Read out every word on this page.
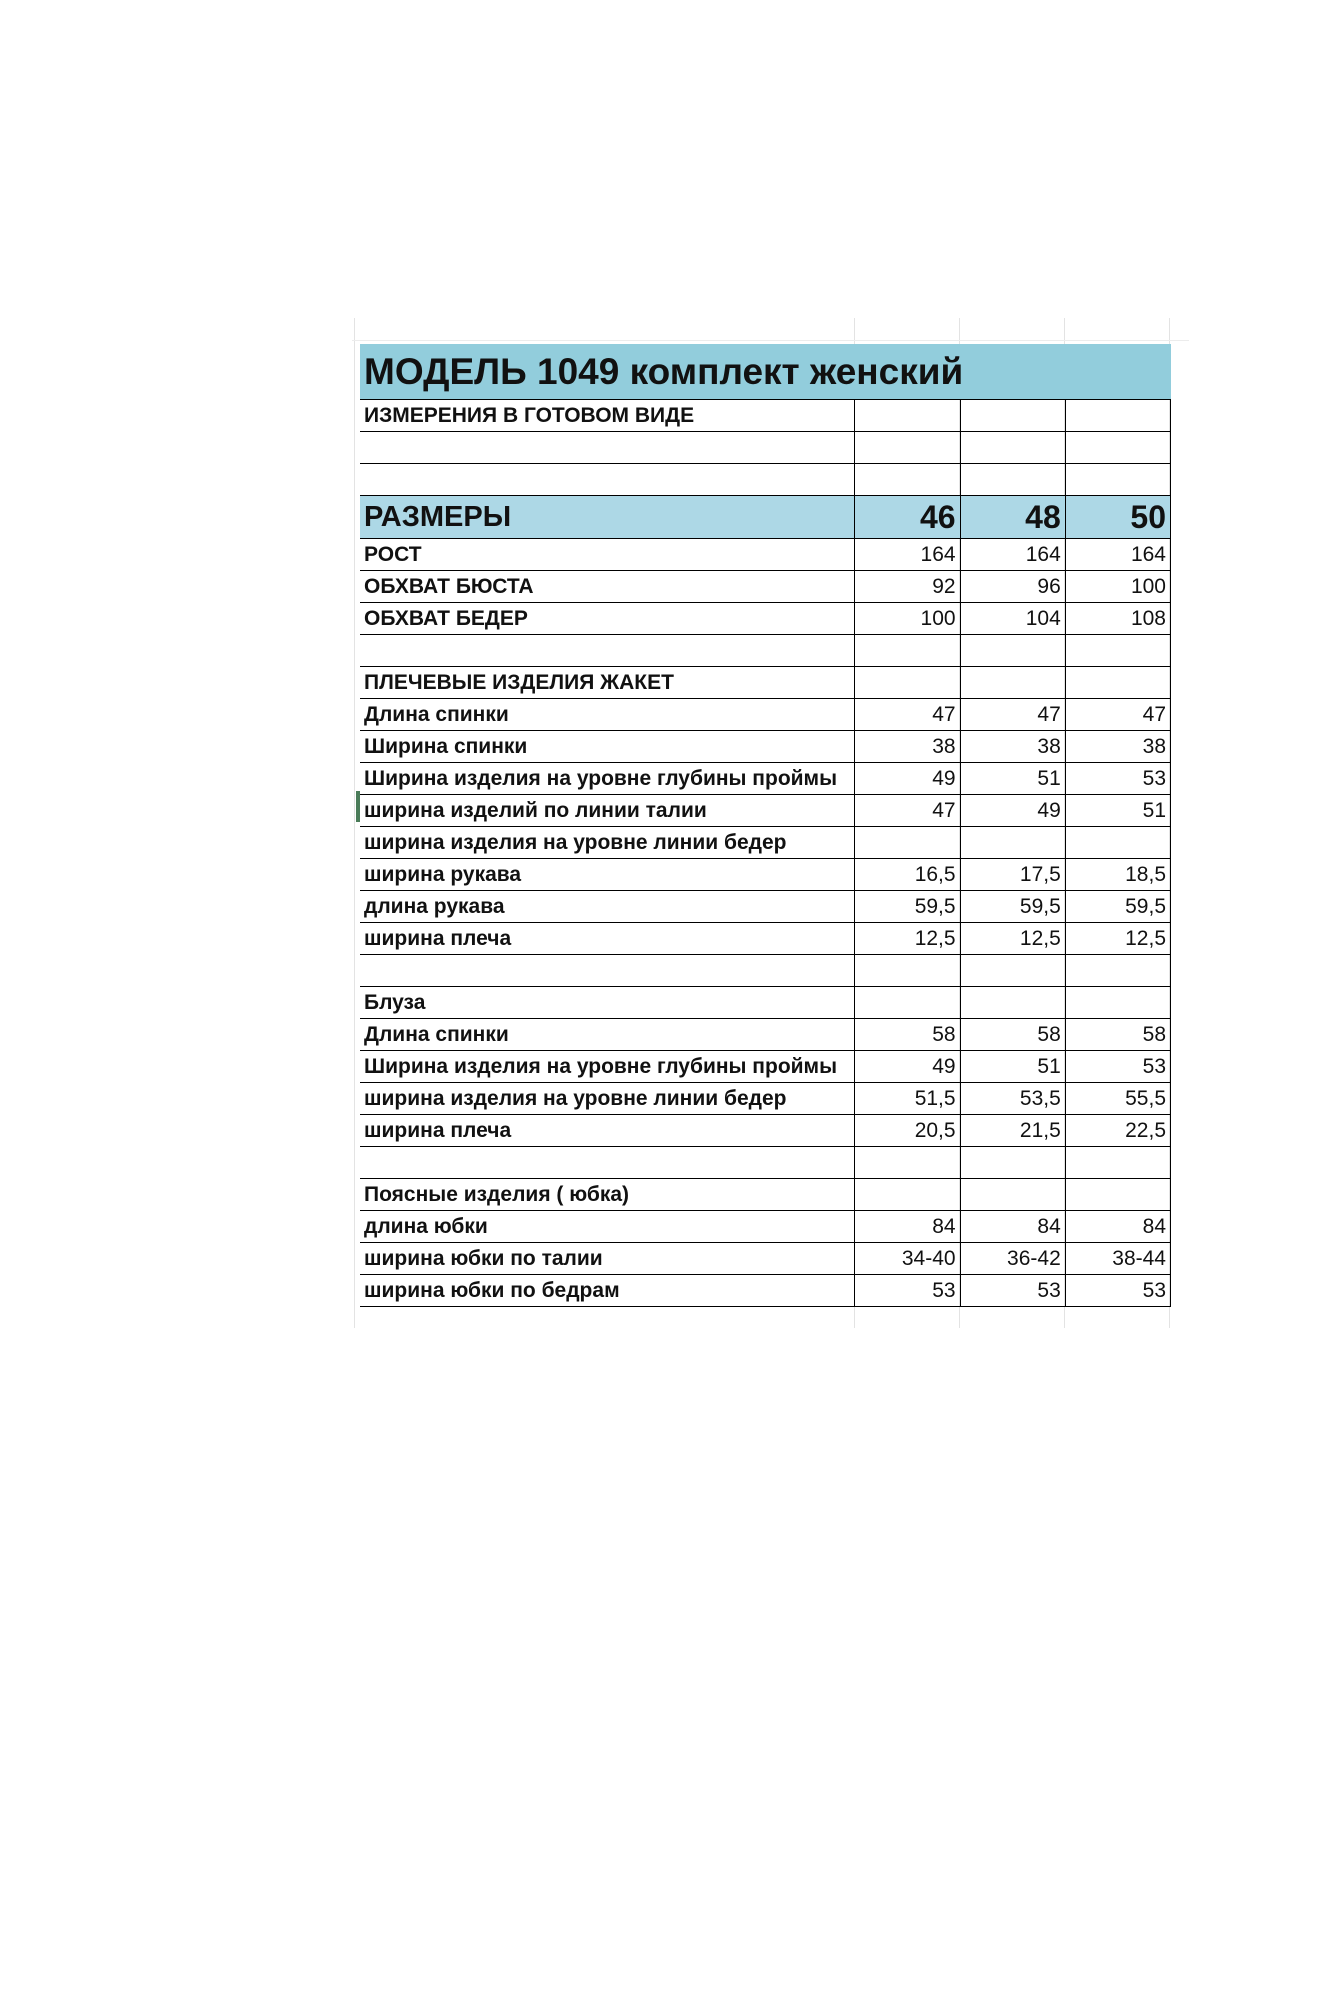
МОДЕЛЬ 1049 комплект женский			
ИЗМЕРЕНИЯ В ГОТОВОМ ВИДЕ			

РАЗМЕРЫ	46	48	50
РОСТ	164	164	164
ОБХВАТ БЮСТА	92	96	100
ОБХВАТ БЕДЕР	100	104	108

ПЛЕЧЕВЫЕ ИЗДЕЛИЯ ЖАКЕТ			
Длина спинки	47	47	47
Ширина спинки	38	38	38
Ширина изделия на уровне глубины проймы	49	51	53
ширина изделий по линии талии	47	49	51
ширина изделия на уровне линии бедер			
ширина рукава	16,5	17,5	18,5
длина рукава	59,5	59,5	59,5
ширина плеча	12,5	12,5	12,5

Блуза			
Длина спинки	58	58	58
Ширина изделия на уровне глубины проймы	49	51	53
ширина изделия на уровне линии бедер	51,5	53,5	55,5
ширина плеча	20,5	21,5	22,5

Поясные изделия ( юбка)			
длина юбки	84	84	84
ширина юбки по талии	34-40	36-42	38-44
ширина юбки по бедрам	53	53	53
